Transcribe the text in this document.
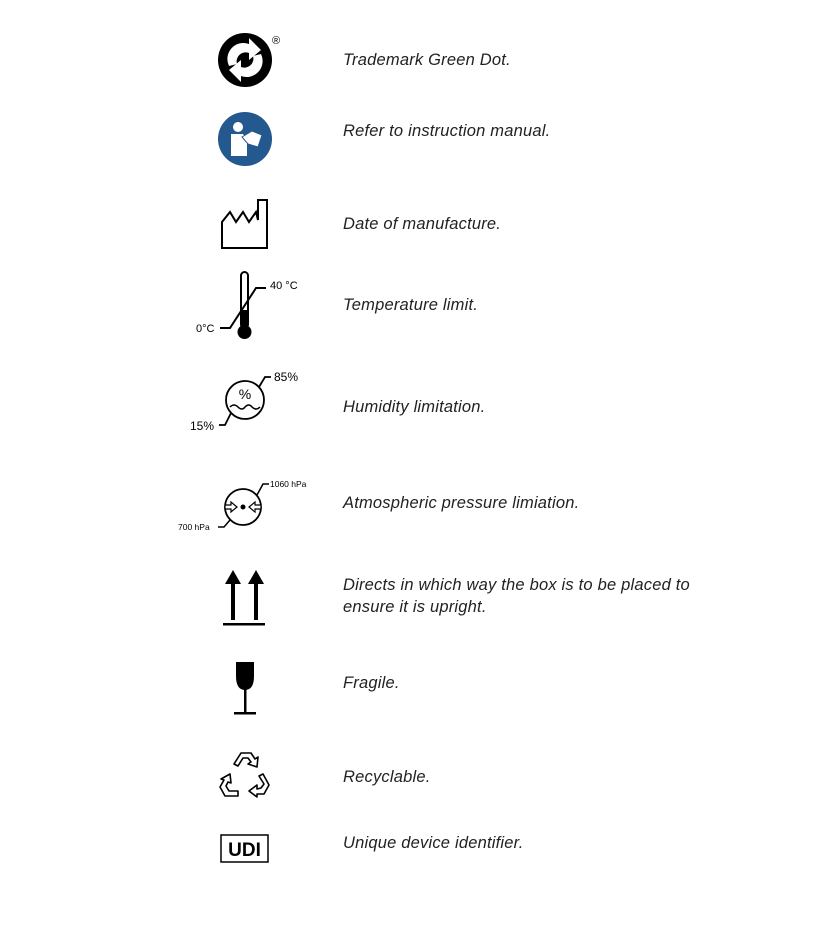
®
Trademark Green Dot.
Refer to instruction manual.
Date of manufacture.
40 °C
0°C
Temperature limit.
%
85%
15%
Humidity limitation.
1060 hPa
700 hPa
Atmospheric pressure limiation.
Directs in which way the box is to be placed to
ensure it is upright.
Fragile.
Recyclable.
UDI	Unique device identifier.
